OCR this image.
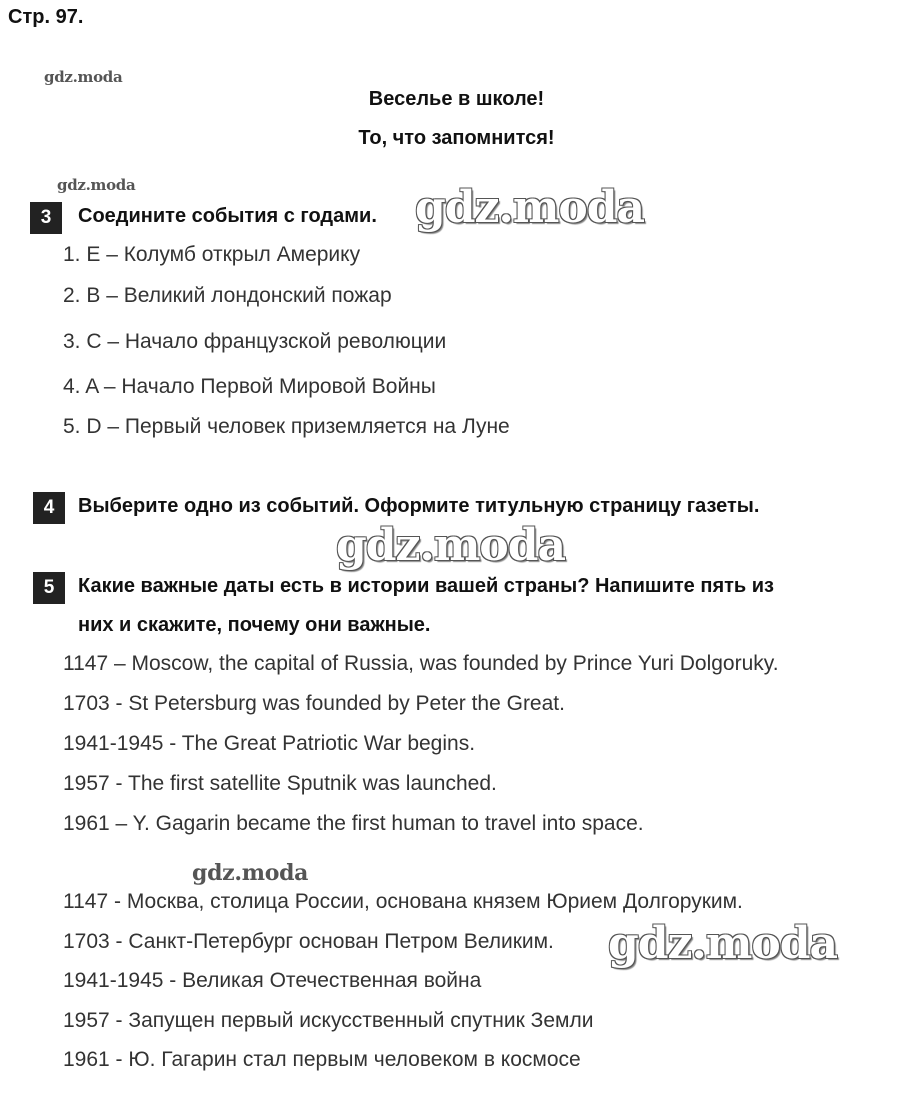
Стр. 97.
gdz.moda
Веселье в школе!
То, что запомнится!
gdz.moda
3	Соедините события с годами. gdz.moda
1. E – Колумб открыл Америку
2. B – Великий лондонский пожар
3. C – Начало французской революции
4. A – Начало Первой Мировой Войны
5. D – Первый человек приземляется на Луне
4	Выберите одно из событий. Оформите титульную страницу газеты.
gdz.moda
5	Какие важные даты есть в истории вашей страны? Напишите пять из
них и скажите, почему они важные.
1147 – Moscow, the capital of Russia, was founded by Prince Yuri Dolgoruky.
1703 - St Petersburg was founded by Peter the Great.
1941-1945 - The Great Patriotic War begins.
1957 - The first satellite Sputnik was launched.
1961 – Y. Gagarin became the first human to travel into space.
gdz.moda
1147 - Москва, столица России, основана князем Юрием Долгоруким.
1703 - Санкт-Петербург основан Петром Великим. gdz.moda
1941-1945 - Великая Отечественная война
1957 - Запущен первый искусственный спутник Земли
1961 - Ю. Гагарин стал первым человеком в космосе
